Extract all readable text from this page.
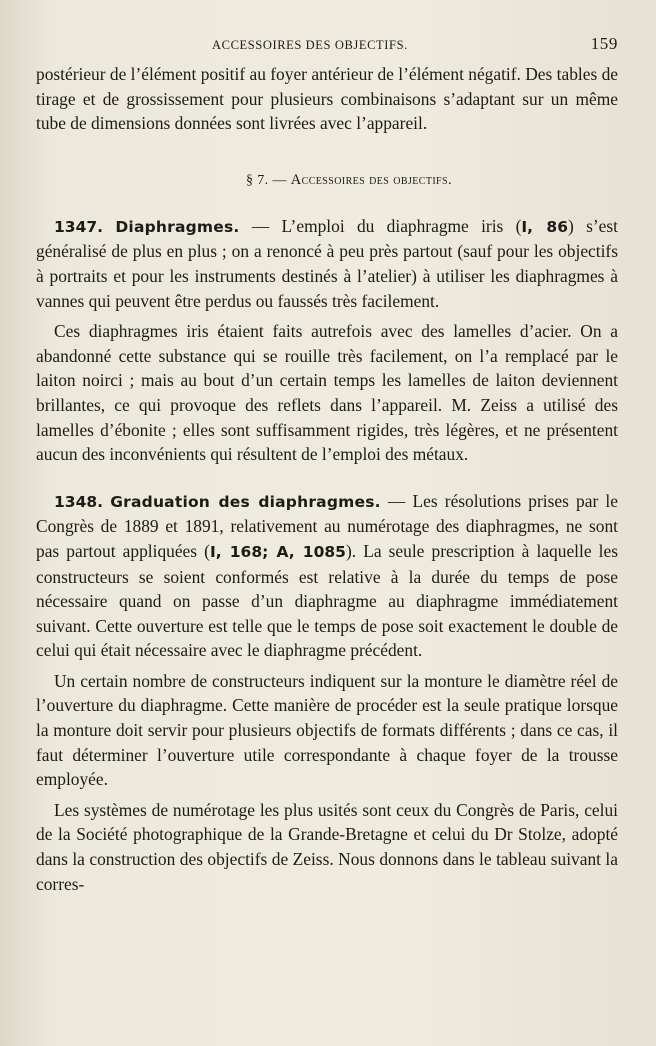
ACCESSOIRES DES OBJECTIFS.	159

postérieur de l’élément positif au foyer antérieur de l’élément négatif. Des tables de tirage et de grossissement pour plusieurs combinaisons s’adaptant sur un même tube de dimensions données sont livrées avec l’appareil.

§ 7. — Accessoires des objectifs.

1347. Diaphragmes. — L’emploi du diaphragme iris (I, 86) s’est généralisé de plus en plus ; on a renoncé à peu près partout (sauf pour les objectifs à portraits et pour les instruments destinés à l’atelier) à utiliser les diaphragmes à vannes qui peuvent être perdus ou faussés très facilement.

Ces diaphragmes iris étaient faits autrefois avec des lamelles d’acier. On a abandonné cette substance qui se rouille très facilement, on l’a remplacé par le laiton noirci ; mais au bout d’un certain temps les lamelles de laiton deviennent brillantes, ce qui provoque des reflets dans l’appareil. M. Zeiss a utilisé des lamelles d’ébonite ; elles sont suffisamment rigides, très légères, et ne présentent aucun des inconvénients qui résultent de l’emploi des métaux.

1348. Graduation des diaphragmes. — Les résolutions prises par le Congrès de 1889 et 1891, relativement au numérotage des diaphragmes, ne sont pas partout appliquées (I, 168; A, 1085). La seule prescription à laquelle les constructeurs se soient conformés est relative à la durée du temps de pose nécessaire quand on passe d’un diaphragme au diaphragme immédiatement suivant. Cette ouverture est telle que le temps de pose soit exactement le double de celui qui était nécessaire avec le diaphragme précédent.

Un certain nombre de constructeurs indiquent sur la monture le diamètre réel de l’ouverture du diaphragme. Cette manière de procéder est la seule pratique lorsque la monture doit servir pour plusieurs objectifs de formats différents ; dans ce cas, il faut déterminer l’ouverture utile correspondante à chaque foyer de la trousse employée.

Les systèmes de numérotage les plus usités sont ceux du Congrès de Paris, celui de la Société photographique de la Grande-Bretagne et celui du Dr Stolze, adopté dans la construction des objectifs de Zeiss. Nous donnons dans le tableau suivant la corres-
